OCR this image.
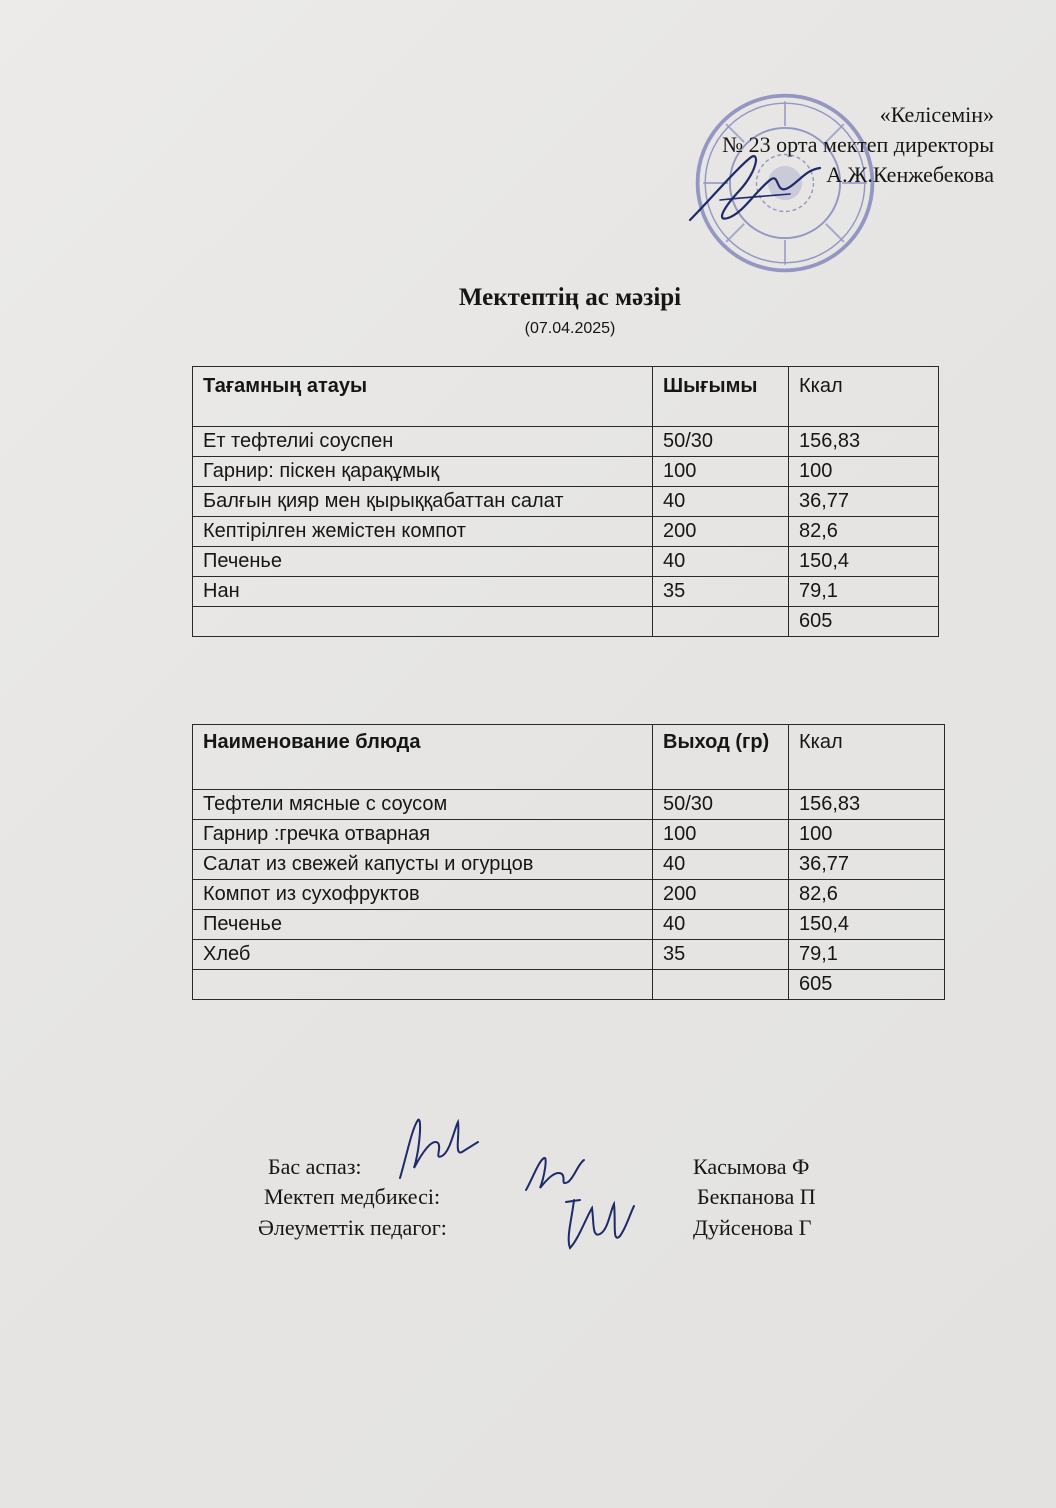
«Келісемін»
№ 23 орта мектеп директоры
А.Ж.Кенжебекова
Мектептің ас мәзірі
(07.04.2025)
Тағамның атауы	Шығымы	Ккал
Ет тефтелиі соуспен	50/30	156,83
Гарнир: піскен қарақұмық	100	100
Балғын қияр мен қырыққабаттан салат	40	36,77
Кептірілген жемістен компот	200	82,6
Печенье	40	150,4
Нан	35	79,1
		605
Наименование блюда	Выход (гр)	Ккал
Тефтели мясные с соусом	50/30	156,83
Гарнир :гречка отварная	100	100
Салат из свежей капусты и огурцов	40	36,77
Компот из сухофруктов	200	82,6
Печенье	40	150,4
Хлеб	35	79,1
		605
Бас аспаз:
Мектеп медбикесі:
Әлеуметтік педагог:
Касымова Ф
Бекпанова П
Дуйсенова Г
